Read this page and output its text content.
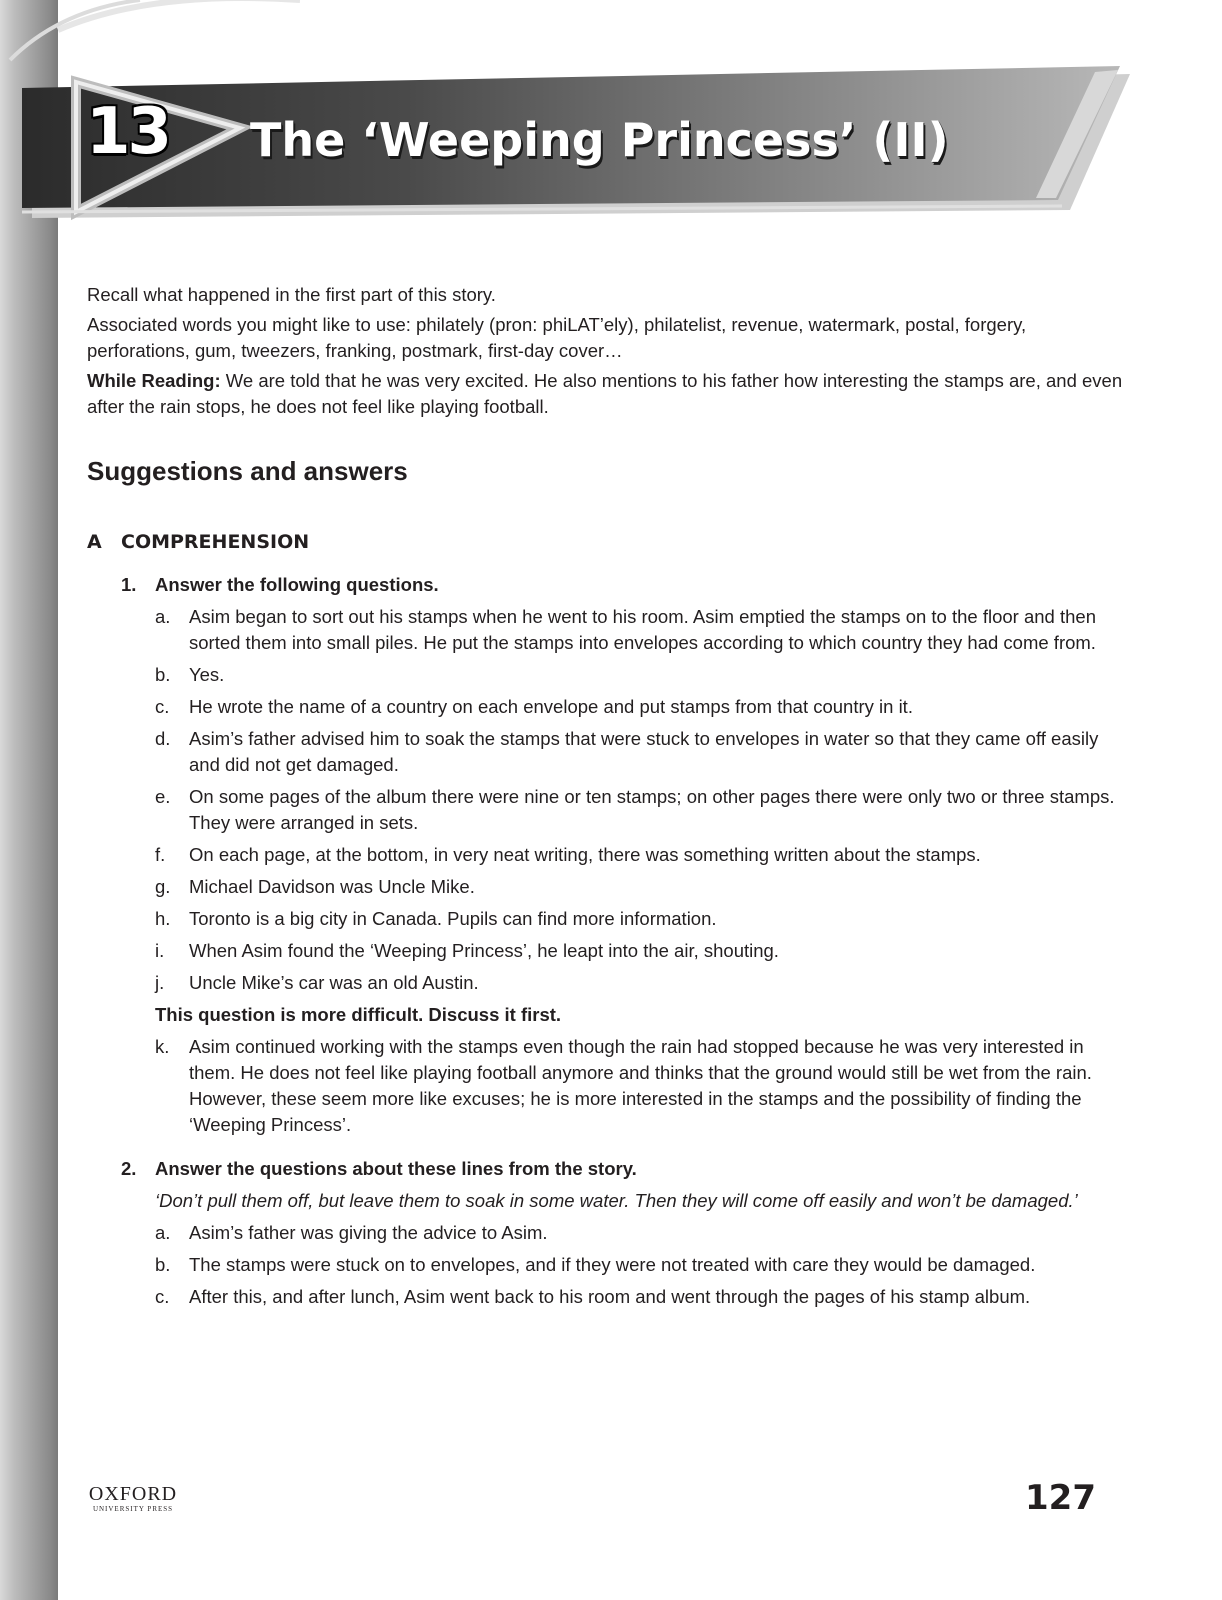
13 The ‘Weeping Princess’ (II)

Recall what happened in the first part of this story.

Associated words you might like to use: philately (pron: phiLAT’ely), philatelist, revenue, watermark, postal, forgery, perforations, gum, tweezers, franking, postmark, first-day cover…

While Reading: We are told that he was very excited. He also mentions to his father how interesting the stamps are, and even after the rain stops, he does not feel like playing football.

Suggestions and answers
A	COMPREHENSION
1.	Answer the following questions.
a.	Asim began to sort out his stamps when he went to his room. Asim emptied the stamps on to the floor and then sorted them into small piles. He put the stamps into envelopes according to which country they had come from.
b.	Yes.
c.	He wrote the name of a country on each envelope and put stamps from that country in it.
d.	Asim’s father advised him to soak the stamps that were stuck to envelopes in water so that they came off easily and did not get damaged.
e.	On some pages of the album there were nine or ten stamps; on other pages there were only two or three stamps. They were arranged in sets.
f.	On each page, at the bottom, in very neat writing, there was something written about the stamps.
g.	Michael Davidson was Uncle Mike.
h.	Toronto is a big city in Canada. Pupils can find more information.
i.	When Asim found the ‘Weeping Princess’, he leapt into the air, shouting.
j.	Uncle Mike’s car was an old Austin.

This question is more difficult. Discuss it first.

k.	Asim continued working with the stamps even though the rain had stopped because he was very interested in them. He does not feel like playing football anymore and thinks that the ground would still be wet from the rain. However, these seem more like excuses; he is more interested in the stamps and the possibility of finding the ‘Weeping Princess’.
2.	Answer the questions about these lines from the story.

‘Don’t pull them off, but leave them to soak in some water. Then they will come off easily and won’t be damaged.’

a.	Asim’s father was giving the advice to Asim.
b.	The stamps were stuck on to envelopes, and if they were not treated with care they would be damaged.
c.	After this, and after lunch, Asim went back to his room and went through the pages of his stamp album.
OXFORD
UNIVERSITY PRESS	127
